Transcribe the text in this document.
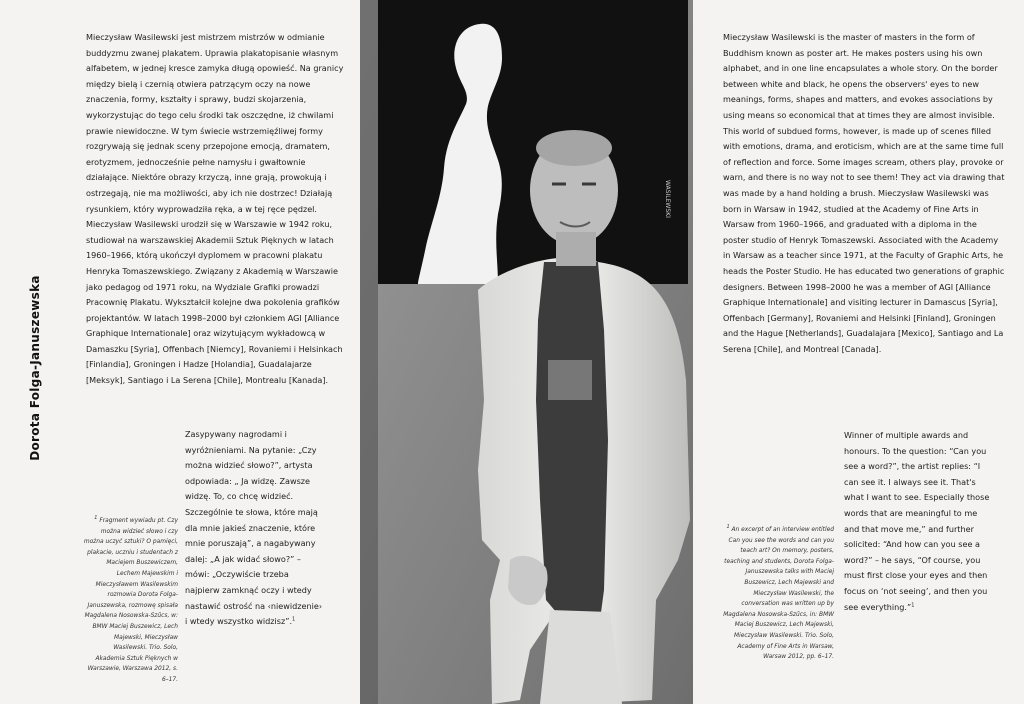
Dorota Folga-Januszewska

Mieczysław Wasilewski jest mistrzem mistrzów w odmianie buddyzmu zwanej plakatem. Uprawia plakatopisanie własnym alfabetem, w jednej kresce zamyka długą opowieść. Na granicy między bielą i czernią otwiera patrzącym oczy na nowe znaczenia, formy, kształty i sprawy, budzi skojarzenia, wykorzystując do tego celu środki tak oszczędne, iż chwilami prawie niewidoczne. W tym świecie wstrzemięźliwej formy rozgrywają się jednak sceny przepojone emocją, dramatem, erotyzmem, jednocześnie pełne namysłu i gwałtownie działające. Niektóre obrazy krzyczą, inne grają, prowokują i ostrzegają, nie ma możliwości, aby ich nie dostrzec! Działają rysunkiem, który wyprowadziła ręka, a w tej ręce pędzel. Mieczysław Wasilewski urodził się w Warszawie w 1942 roku, studiował na warszawskiej Akademii Sztuk Pięknych w latach 1960–1966, którą ukończył dyplomem w pracowni plakatu Henryka Tomaszewskiego. Związany z Akademią w Warszawie jako pedagog od 1971 roku, na Wydziale Grafiki prowadzi Pracownię Plakatu. Wykształcił kolejne dwa pokolenia grafików projektantów. W latach 1998–2000 był członkiem AGI [Alliance Graphique Internationale] oraz wizytującym wykładowcą w Damaszku [Syria], Offenbach [Niemcy], Rovaniemi i Helsinkach [Finlandia], Groningen i Hadze [Holandia], Guadalajarze [Meksyk], Santiago i La Serena [Chile], Montrealu [Kanada].

Zasypywany nagrodami i wyróżnieniami. Na pytanie: „Czy można widzieć słowo?”, artysta odpowiada: „ Ja widzę. Zawsze widzę. To, co chcę widzieć. Szczególnie te słowa, które mają dla mnie jakieś znaczenie, które mnie poruszają”, a nagabywany dalej: „A jak widać słowo?” – mówi: „Oczywiście trzeba najpierw zamknąć oczy i wtedy nastawić ostrość na ‹niewidzenie› i wtedy wszystko widzisz”.$^1$

$^1$ Fragment wywiadu pt. Czy można widzieć słowo i czy można uczyć sztuki? O pamięci, plakacie, uczniu i studentach z Maciejem Buszewiczem, Lechem Majewskim i Mieczysławem Wasilewskim rozmowia Dorota Folga-Januszewska, rozmowę spisała Magdalena Nosowska-Szűcs, w: BMW Maciej Buszewicz, Lech Majewski, Mieczysław Wasilewski. Trio. Solo, Akademia Sztuk Pięknych w Warszawie, Warszawa 2012, s. 6–17.

WASILEWSKI

Mieczysław Wasilewski is the master of masters in the form of Buddhism known as poster art. He makes posters using his own alphabet, and in one line encapsulates a whole story. On the border between white and black, he opens the observers' eyes to new meanings, forms, shapes and matters, and evokes associations by using means so economical that at times they are almost invisible. This world of subdued forms, however, is made up of scenes filled with emotions, drama, and eroticism, which are at the same time full of reflection and force. Some images scream, others play, provoke or warn, and there is no way not to see them! They act via drawing that was made by a hand holding a brush. Mieczysław Wasilewski was born in Warsaw in 1942, studied at the Academy of Fine Arts in Warsaw from 1960–1966, and graduated with a diploma in the poster studio of Henryk Tomaszewski. Associated with the Academy in Warsaw as a teacher since 1971, at the Faculty of Graphic Arts, he heads the Poster Studio. He has educated two generations of graphic designers. Between 1998–2000 he was a member of AGI [Alliance Graphique Internationale] and visiting lecturer in Damascus [Syria], Offenbach [Germany], Rovaniemi and Helsinki [Finland], Groningen and the Hague [Netherlands], Guadalajara [Mexico], Santiago and La Serena [Chile], and Montreal [Canada].

Winner of multiple awards and honours. To the question: “Can you see a word?”, the artist replies: “I can see it. I always see it. That's what I want to see. Especially those words that are meaningful to me and that move me,” and further solicited: “And how can you see a word?” – he says, “Of course, you must first close your eyes and then focus on ‘not seeing’, and then you see everything.”$^1$

$^1$ An excerpt of an interview entitled Can you see the words and can you teach art? On memory, posters, teaching and students, Dorota Folga-Januszewska talks with Maciej Buszewicz, Lech Majewski and Mieczysław Wasilewski, the conversation was written up by Magdalena Nosowska-Szűcs, in: BMW Maciej Buszewicz, Lech Majewski, Mieczysław Wasilewski. Trio. Solo, Academy of Fine Arts in Warsaw, Warsaw 2012, pp. 6–17.
